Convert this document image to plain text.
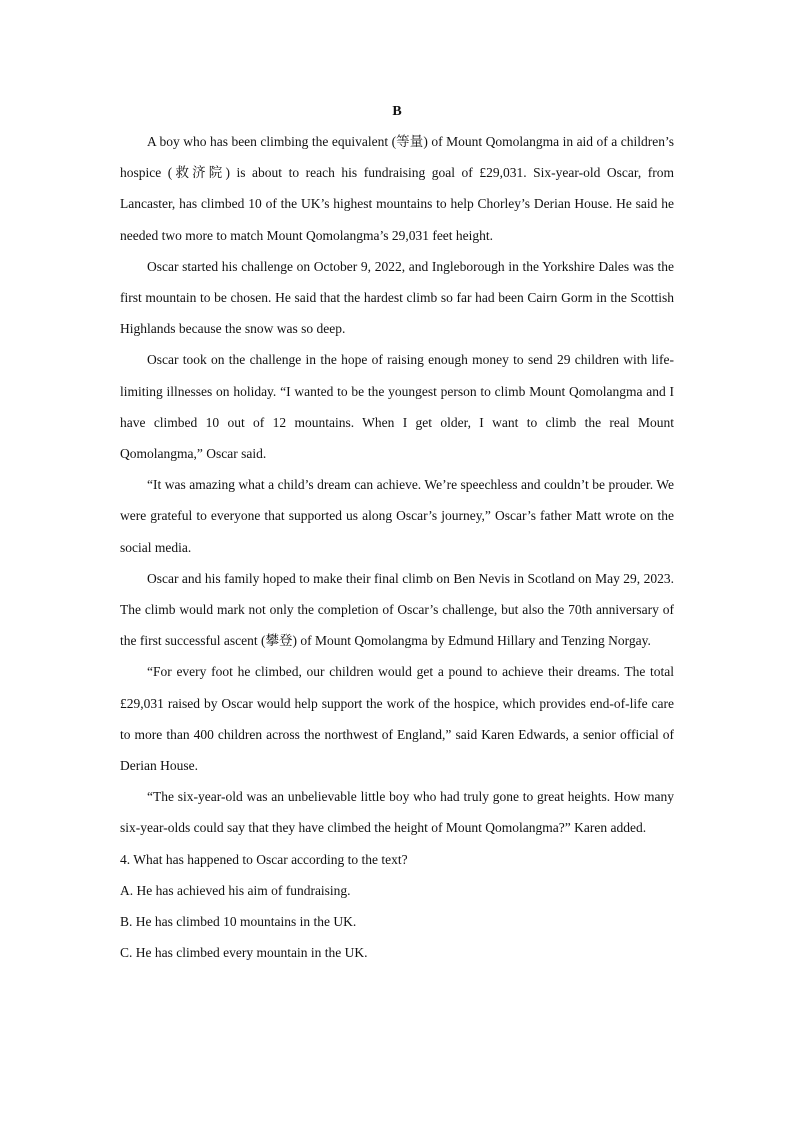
B

A boy who has been climbing the equivalent (等量) of Mount Qomolangma in aid of a children’s hospice (救济院) is about to reach his fundraising goal of £29,031. Six-year-old Oscar, from Lancaster, has climbed 10 of the UK’s highest mountains to help Chorley’s Derian House. He said he needed two more to match Mount Qomolangma’s 29,031 feet height.

Oscar started his challenge on October 9, 2022, and Ingleborough in the Yorkshire Dales was the first mountain to be chosen. He said that the hardest climb so far had been Cairn Gorm in the Scottish Highlands because the snow was so deep.

Oscar took on the challenge in the hope of raising enough money to send 29 children with life-limiting illnesses on holiday. “I wanted to be the youngest person to climb Mount Qomolangma and I have climbed 10 out of 12 mountains. When I get older, I want to climb the real Mount Qomolangma,” Oscar said.

“It was amazing what a child’s dream can achieve. We’re speechless and couldn’t be prouder. We were grateful to everyone that supported us along Oscar’s journey,” Oscar’s father Matt wrote on the social media.

Oscar and his family hoped to make their final climb on Ben Nevis in Scotland on May 29, 2023. The climb would mark not only the completion of Oscar’s challenge, but also the 70th anniversary of the first successful ascent (攀登) of Mount Qomolangma by Edmund Hillary and Tenzing Norgay.

“For every foot he climbed, our children would get a pound to achieve their dreams. The total £29,031 raised by Oscar would help support the work of the hospice, which provides end-of-life care to more than 400 children across the northwest of England,” said Karen Edwards, a senior official of Derian House.

“The six-year-old was an unbelievable little boy who had truly gone to great heights. How many six-year-olds could say that they have climbed the height of Mount Qomolangma?” Karen added.

4. What has happened to Oscar according to the text?

A. He has achieved his aim of fundraising.

B. He has climbed 10 mountains in the UK.

C. He has climbed every mountain in the UK.
